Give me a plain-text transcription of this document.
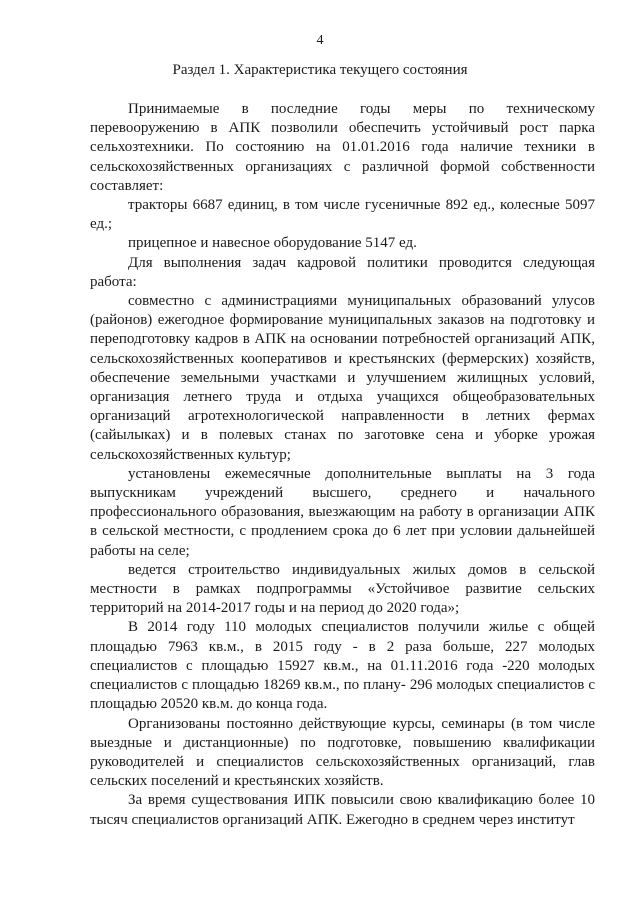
4
Раздел 1. Характеристика текущего состояния

Принимаемые в последние годы меры по техническому перевооружению в АПК позволили обеспечить устойчивый рост парка сельхозтехники. По состоянию на 01.01.2016 года наличие техники в сельскохозяйственных организациях с различной формой собственности составляет:

тракторы 6687 единиц, в том числе гусеничные 892 ед., колесные 5097 ед.;

прицепное и навесное оборудование 5147 ед.

Для выполнения задач кадровой политики проводится следующая работа:

совместно с администрациями муниципальных образований улусов (районов) ежегодное формирование муниципальных заказов на подготовку и переподготовку кадров в АПК на основании потребностей организаций АПК, сельскохозяйственных кооперативов и крестьянских (фермерских) хозяйств, обеспечение земельными участками и улучшением жилищных условий, организация летнего труда и отдыха учащихся общеобразовательных организаций агротехнологической направленности в летних фермах (сайылыках) и в полевых станах по заготовке сена и уборке урожая сельскохозяйственных культур;

установлены ежемесячные дополнительные выплаты на 3 года выпускникам учреждений высшего, среднего и начального профессионального образования, выезжающим на работу в организации АПК в сельской местности, с продлением срока до 6 лет при условии дальнейшей работы на селе;

ведется строительство индивидуальных жилых домов в сельской местности в рамках подпрограммы «Устойчивое развитие сельских территорий на 2014-2017 годы и на период до 2020 года»;

В 2014 году 110 молодых специалистов получили жилье с общей площадью 7963 кв.м., в 2015 году - в 2 раза больше, 227 молодых специалистов с площадью 15927 кв.м., на 01.11.2016 года -220 молодых специалистов с площадью 18269 кв.м., по плану- 296 молодых специалистов с площадью 20520 кв.м. до конца года.

Организованы постоянно действующие курсы, семинары (в том числе выездные и дистанционные) по подготовке, повышению квалификации руководителей и специалистов сельскохозяйственных организаций, глав сельских поселений и крестьянских хозяйств.

За время существования ИПК повысили свою квалификацию более 10 тысяч специалистов организаций АПК. Ежегодно в среднем через институт
